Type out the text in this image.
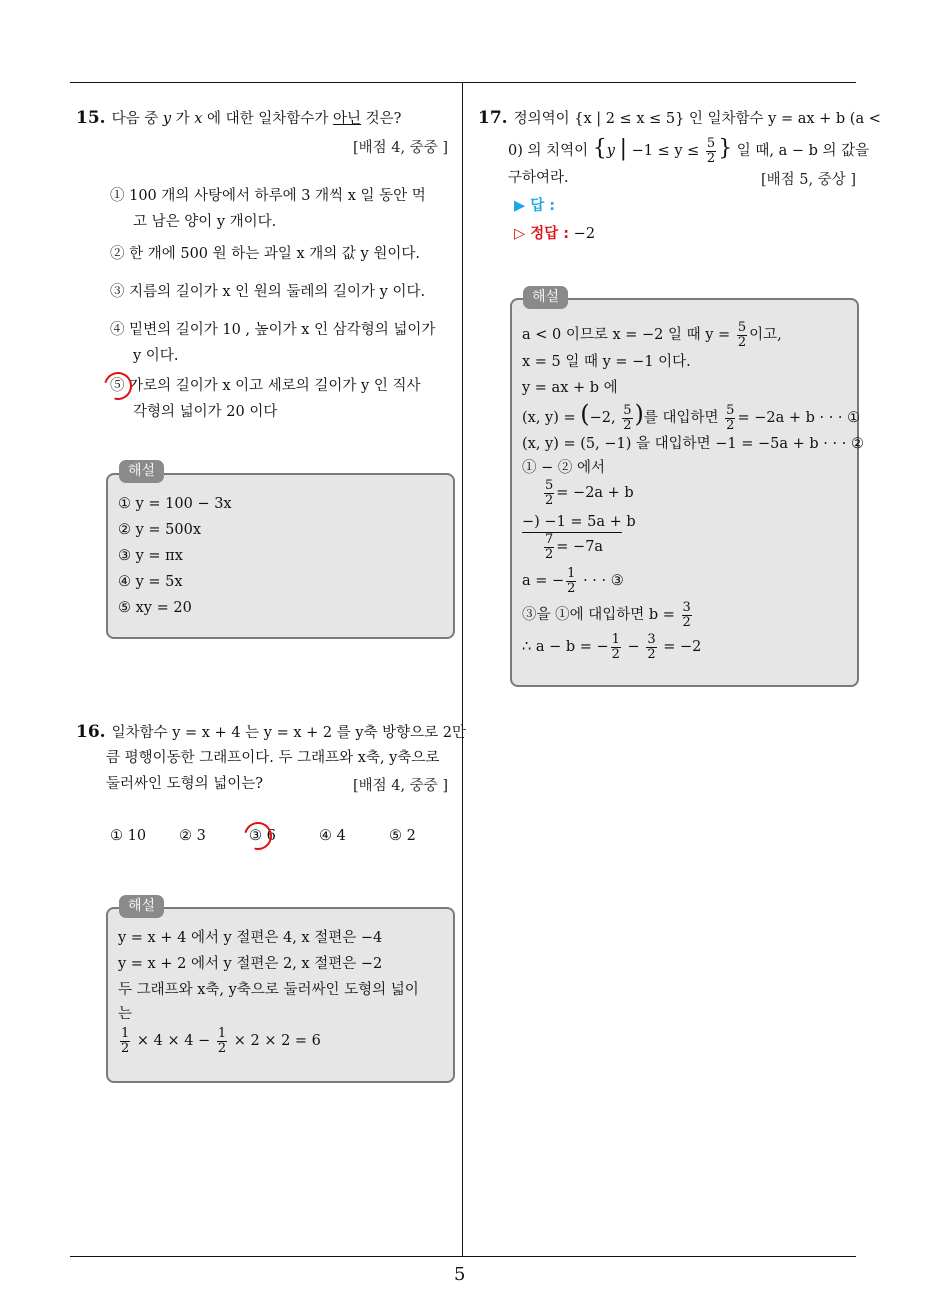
15. 다음 중 y 가 x 에 대한 일차함수가 아닌 것은?
[배점 4, 중중 ]
① 100 개의 사탕에서 하루에 3 개씩 x 일 동안 먹
고 남은 양이 y 개이다.
② 한 개에 500 원 하는 과일 x 개의 값 y 원이다.
③ 지름의 길이가 x 인 원의 둘레의 길이가 y 이다.
④ 밑변의 길이가 10 , 높이가 x 인 삼각형의 넓이가
y 이다.
⑤ 가로의 길이가 x 이고 세로의 길이가 y 인 직사
각형의 넓이가 20 이다
해설
① y = 100 − 3x
② y = 500x
③ y = πx
④ y = 5x
⑤ xy = 20
16. 일차함수 y = x + 4 는 y = x + 2 를 y축 방향으로 2만
큼 평행이동한 그래프이다. 두 그래프와 x축, y축으로
둘러싸인 도형의 넓이는?	[배점 4, 중중 ]
① 10 ② 3	③ 6	④ 4	⑤ 2
해설
y = x + 4 에서 y 절편은 4, x 절편은 −4
y = x + 2 에서 y 절편은 2, x 절편은 −2
두 그래프와 x축, y축으로 둘러싸인 도형의 넓이
는
$\frac{1}{2} \times 4 \times 4 - \frac{1}{2} \times 2 \times 2 = 6$
17. 정의역이 {x | 2 ≤ x ≤ 5} 인 일차함수 y = ax + b (a <
0) 의 치역이 {y | $-1 \le y \le \frac{5}{2}$ } 일 때, a − b 의 값을
구하여라.	[배점 5, 중상 ]
▶ 답 :
▷ 정답 : −2
해설
a < 0 이므로 x = −2 일 때 $y = \frac{5}{2}$ 이고,
x = 5 일 때 y = −1 이다.
y = ax + b 에
(x, y) = (−2, $\frac{5}{2}$ )를 대입하면 $\frac{5}{2} = -2a + b$ · · · ①
(x, y) = (5, −1) 을 대입하면 −1 = −5a + b · · · ②
① − ② 에서
$\frac{5}{2} = -2a + b$
−) −1 = 5a + b
$\frac{7}{2} = -7a$
a = − $\frac{1}{2}$ · · · ③
③을 ①에 대입하면 $b = \frac{3}{2}$
∴ a − b = − $\frac{1}{2} - \frac{3}{2} = -2$
5
